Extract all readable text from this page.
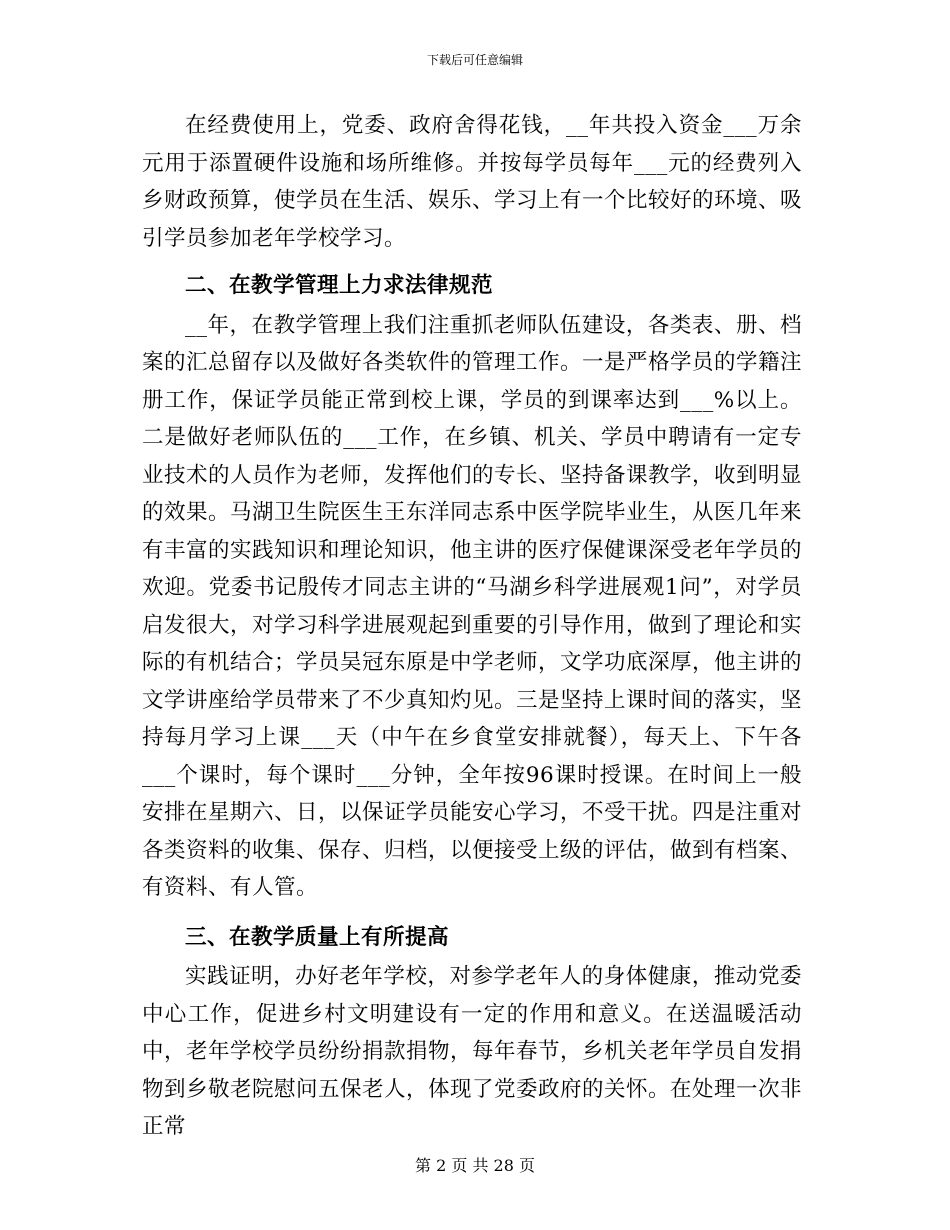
下载后可任意编辑

在经费使用上，党委、政府舍得花钱，__年共投入资金___万余元用于添置硬件设施和场所维修。并按每学员每年___元的经费列入乡财政预算，使学员在生活、娱乐、学习上有一个比较好的环境、吸引学员参加老年学校学习。

二、在教学管理上力求法律规范

__年，在教学管理上我们注重抓老师队伍建设，各类表、册、档案的汇总留存以及做好各类软件的管理工作。一是严格学员的学籍注册工作，保证学员能正常到校上课，学员的到课率达到___%以上。二是做好老师队伍的___工作，在乡镇、机关、学员中聘请有一定专业技术的人员作为老师，发挥他们的专长、坚持备课教学，收到明显的效果。马湖卫生院医生王东洋同志系中医学院毕业生，从医几年来有丰富的实践知识和理论知识，他主讲的医疗保健课深受老年学员的欢迎。党委书记殷传才同志主讲的“马湖乡科学进展观1问”，对学员启发很大，对学习科学进展观起到重要的引导作用，做到了理论和实际的有机结合；学员吴冠东原是中学老师，文学功底深厚，他主讲的文学讲座给学员带来了不少真知灼见。三是坚持上课时间的落实，坚持每月学习上课___天（中午在乡食堂安排就餐），每天上、下午各___个课时，每个课时___分钟，全年按96课时授课。在时间上一般安排在星期六、日，以保证学员能安心学习，不受干扰。四是注重对各类资料的收集、保存、归档，以便接受上级的评估，做到有档案、有资料、有人管。

三、在教学质量上有所提高

实践证明，办好老年学校，对参学老年人的身体健康，推动党委中心工作，促进乡村文明建设有一定的作用和意义。在送温暖活动中，老年学校学员纷纷捐款捐物，每年春节，乡机关老年学员自发捐物到乡敬老院慰问五保老人，体现了党委政府的关怀。在处理一次非正常

第 2 页 共 28 页
